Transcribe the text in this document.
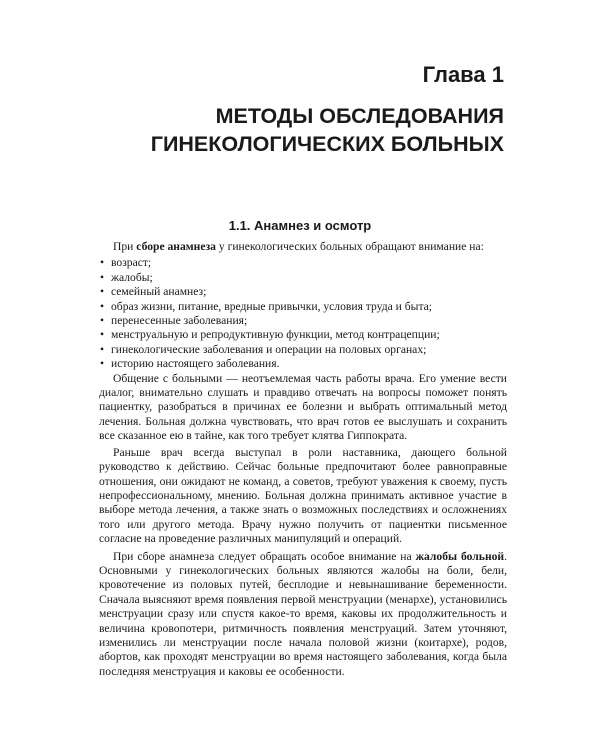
Глава 1
МЕТОДЫ ОБСЛЕДОВАНИЯ
ГИНЕКОЛОГИЧЕСКИХ БОЛЬНЫХ
1.1. Анамнез и осмотр

При сборе анамнеза у гинекологических больных обращают внимание на:

• возраст;
• жалобы;
• семейный анамнез;
• образ жизни, питание, вредные привычки, условия труда и быта;
• перенесенные заболевания;
• менструальную и репродуктивную функции, метод контрацепции;
• гинекологические заболевания и операции на половых органах;
• историю настоящего заболевания.

Общение с больными — неотъемлемая часть работы врача. Его умение вести диалог, внимательно слушать и правдиво отвечать на вопросы поможет понять пациентку, разобраться в причинах ее болезни и выбрать оптимальный метод лечения. Больная должна чувствовать, что врач готов ее выслушать и сохранить все сказанное ею в тайне, как того требует клятва Гиппократа.

Раньше врач всегда выступал в роли наставника, дающего больной руководство к действию. Сейчас больные предпочитают более равноправные отношения, они ожидают не команд, а советов, требуют уважения к своему, пусть непрофессиональному, мнению. Больная должна принимать активное участие в выборе метода лечения, а также знать о возможных последствиях и осложнениях того или другого метода. Врачу нужно получить от пациентки письменное согласие на проведение различных манипуляций и операций.

При сборе анамнеза следует обращать особое внимание на жалобы больной. Основными у гинекологических больных являются жалобы на боли, бели, кровотечение из половых путей, бесплодие и невынашивание беременности. Сначала выясняют время появления первой менструации (менархе), установились менструации сразу или спустя какое-то время, каковы их продолжительность и величина кровопотери, ритмичность появления менструаций. Затем уточняют, изменились ли менструации после начала половой жизни (коитархе), родов, абортов, как проходят менструации во время настоящего заболевания, когда была последняя менструация и каковы ее особенности.
